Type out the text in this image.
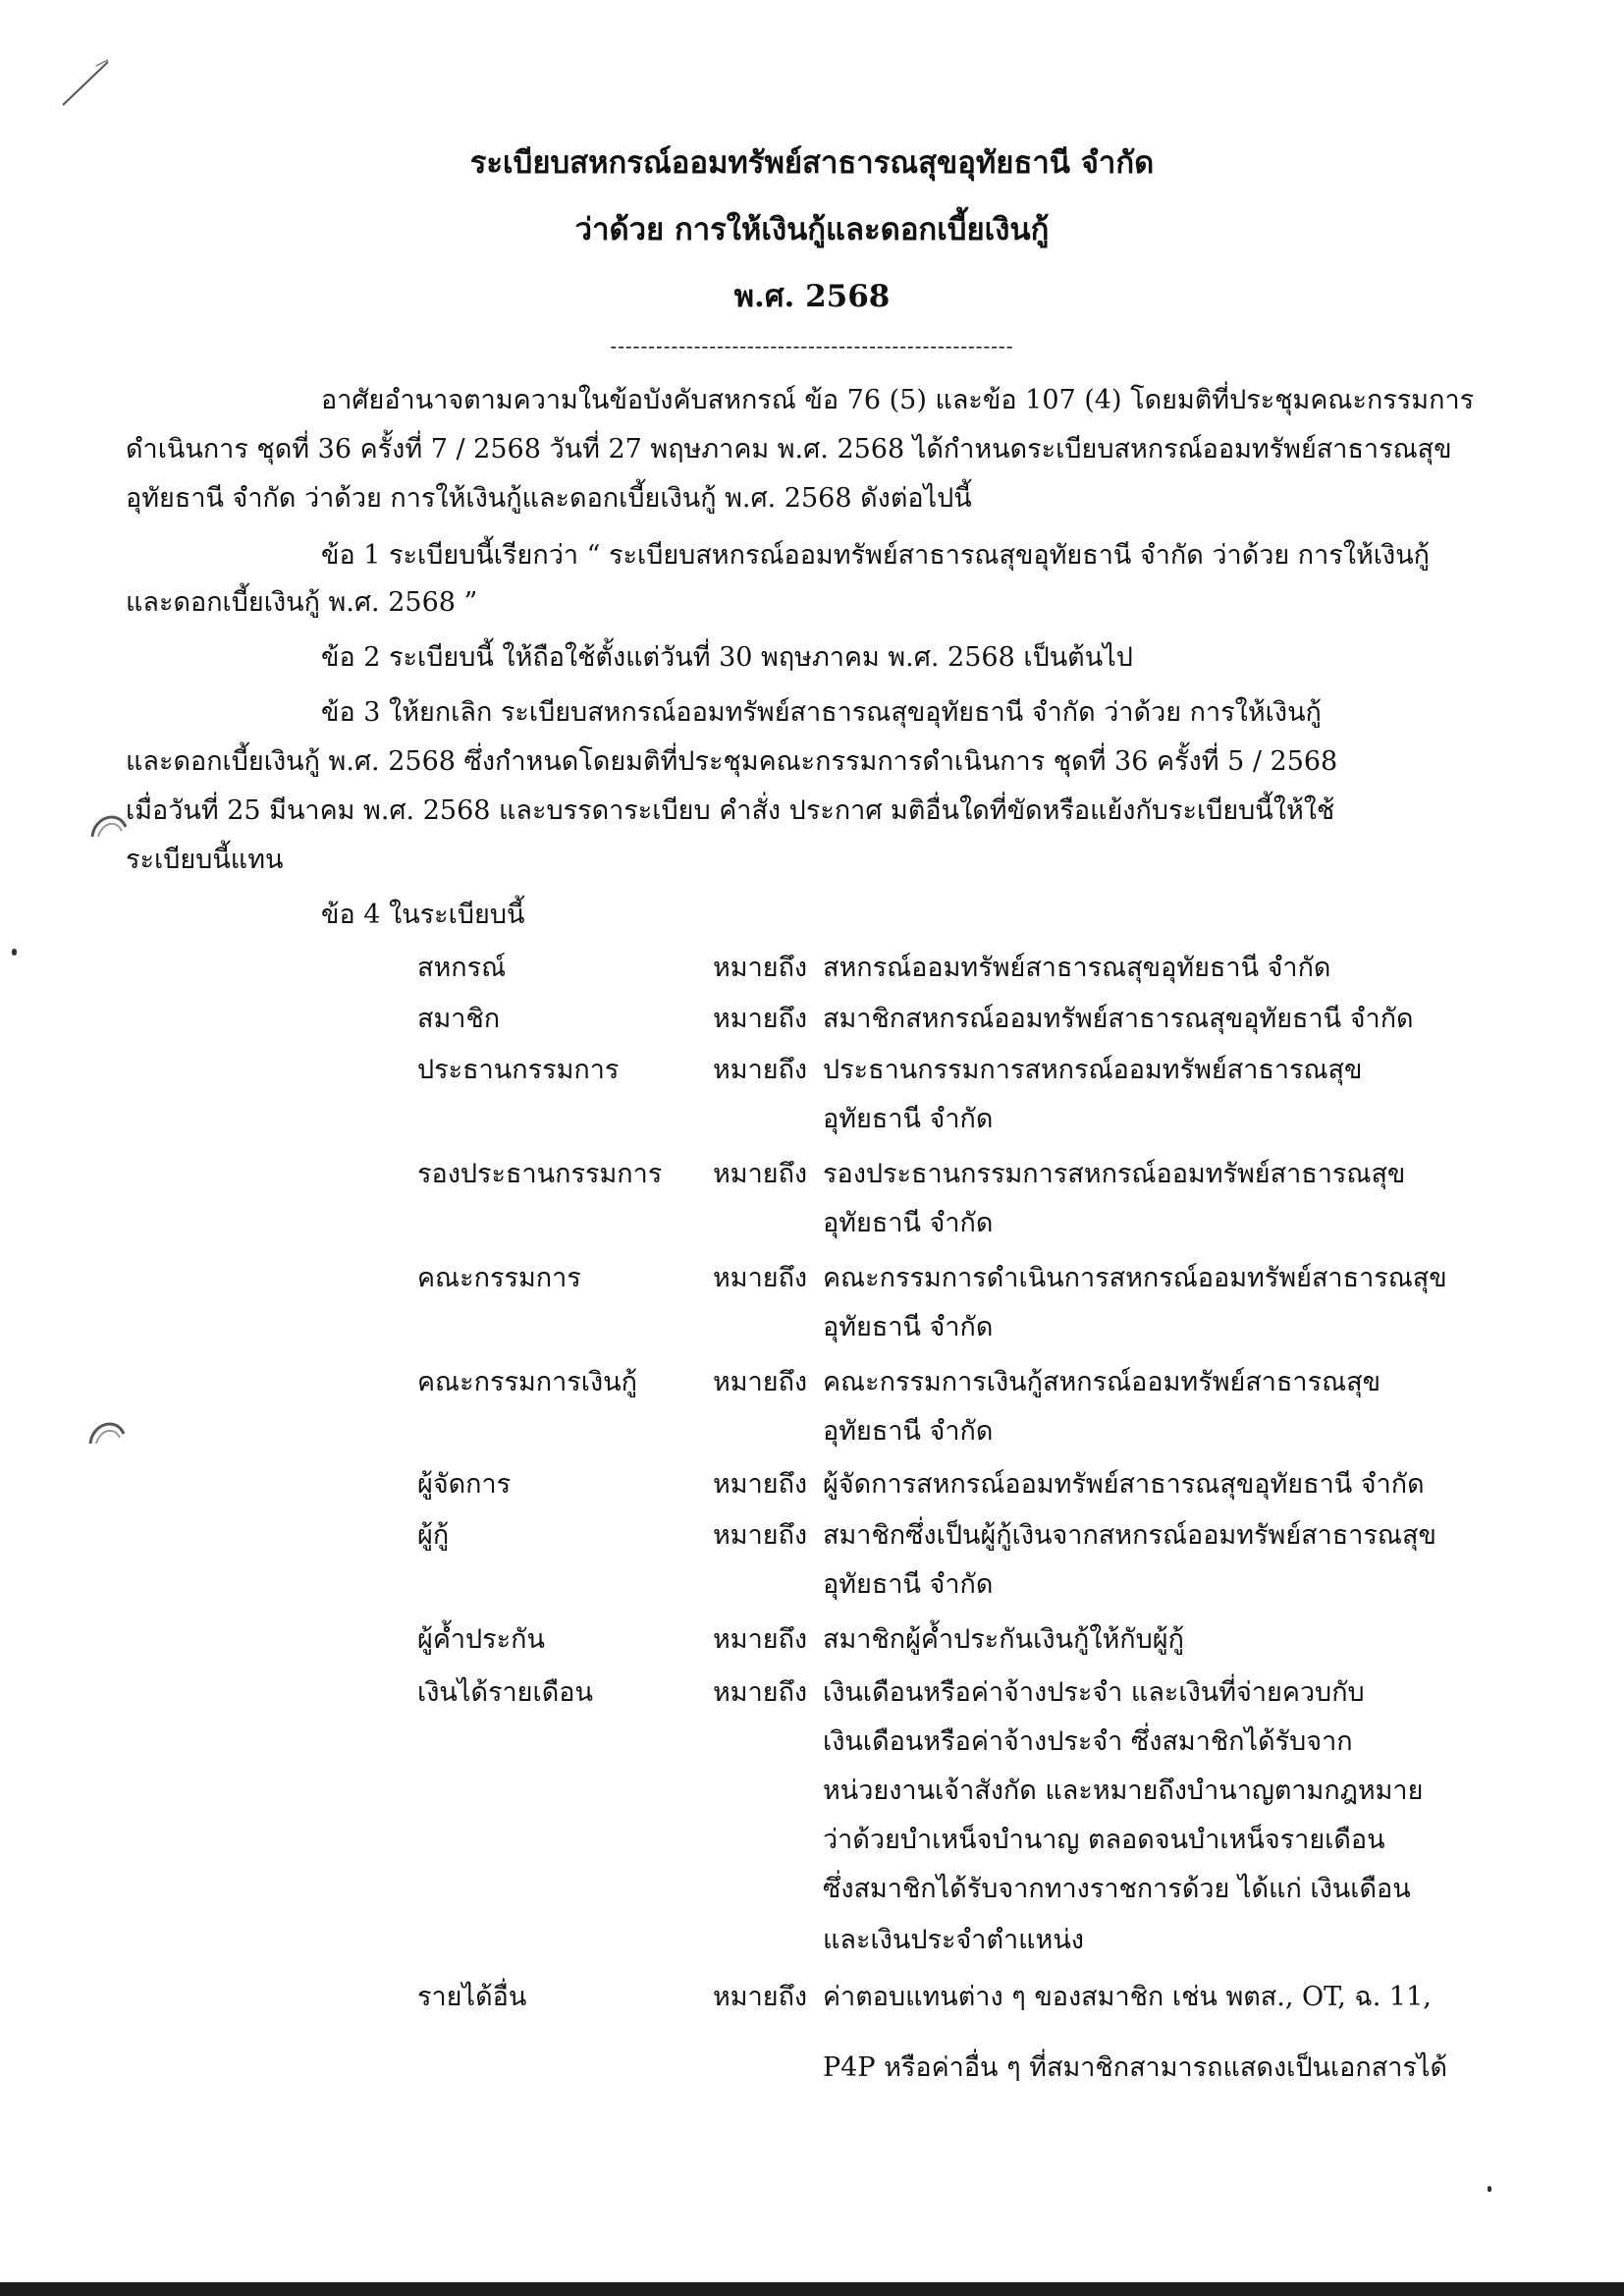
ระเบียบสหกรณ์ออมทรัพย์สาธารณสุขอุทัยธานี จำกัด
ว่าด้วย การให้เงินกู้และดอกเบี้ยเงินกู้
พ.ศ. 2568
-----------------------------------------------------
อาศัยอำนาจตามความในข้อบังคับสหกรณ์ ข้อ 76 (5) และข้อ 107 (4) โดยมติที่ประชุมคณะกรรมการ
ดำเนินการ ชุดที่ 36 ครั้งที่ 7 / 2568 วันที่ 27 พฤษภาคม พ.ศ. 2568 ได้กำหนดระเบียบสหกรณ์ออมทรัพย์สาธารณสุข
อุทัยธานี จำกัด ว่าด้วย การให้เงินกู้และดอกเบี้ยเงินกู้ พ.ศ. 2568 ดังต่อไปนี้
ข้อ 1 ระเบียบนี้เรียกว่า “ ระเบียบสหกรณ์ออมทรัพย์สาธารณสุขอุทัยธานี จำกัด ว่าด้วย การให้เงินกู้
และดอกเบี้ยเงินกู้ พ.ศ. 2568 ”
ข้อ 2 ระเบียบนี้ ให้ถือใช้ตั้งแต่วันที่ 30 พฤษภาคม พ.ศ. 2568 เป็นต้นไป
ข้อ 3 ให้ยกเลิก ระเบียบสหกรณ์ออมทรัพย์สาธารณสุขอุทัยธานี จำกัด ว่าด้วย การให้เงินกู้
และดอกเบี้ยเงินกู้ พ.ศ. 2568 ซึ่งกำหนดโดยมติที่ประชุมคณะกรรมการดำเนินการ ชุดที่ 36 ครั้งที่ 5 / 2568
เมื่อวันที่ 25 มีนาคม พ.ศ. 2568 และบรรดาระเบียบ คำสั่ง ประกาศ มติอื่นใดที่ขัดหรือแย้งกับระเบียบนี้ให้ใช้
ระเบียบนี้แทน
ข้อ 4 ในระเบียบนี้
สหกรณ์	หมายถึง สหกรณ์ออมทรัพย์สาธารณสุขอุทัยธานี จำกัด
สมาชิก	หมายถึง สมาชิกสหกรณ์ออมทรัพย์สาธารณสุขอุทัยธานี จำกัด
ประธานกรรมการ	หมายถึง ประธานกรรมการสหกรณ์ออมทรัพย์สาธารณสุข
อุทัยธานี จำกัด
รองประธานกรรมการ หมายถึง รองประธานกรรมการสหกรณ์ออมทรัพย์สาธารณสุข
อุทัยธานี จำกัด
คณะกรรมการ	หมายถึง คณะกรรมการดำเนินการสหกรณ์ออมทรัพย์สาธารณสุข
อุทัยธานี จำกัด
คณะกรรมการเงินกู้	หมายถึง คณะกรรมการเงินกู้สหกรณ์ออมทรัพย์สาธารณสุข
อุทัยธานี จำกัด
ผู้จัดการ	หมายถึง ผู้จัดการสหกรณ์ออมทรัพย์สาธารณสุขอุทัยธานี จำกัด
ผู้กู้	หมายถึง สมาชิกซึ่งเป็นผู้กู้เงินจากสหกรณ์ออมทรัพย์สาธารณสุข
อุทัยธานี จำกัด
ผู้ค้ำประกัน	หมายถึง สมาชิกผู้ค้ำประกันเงินกู้ให้กับผู้กู้
เงินได้รายเดือน	หมายถึง เงินเดือนหรือค่าจ้างประจำ และเงินที่จ่ายควบกับ
เงินเดือนหรือค่าจ้างประจำ ซึ่งสมาชิกได้รับจาก
หน่วยงานเจ้าสังกัด และหมายถึงบำนาญตามกฎหมาย
ว่าด้วยบำเหน็จบำนาญ ตลอดจนบำเหน็จรายเดือน
ซึ่งสมาชิกได้รับจากทางราชการด้วย ได้แก่ เงินเดือน
และเงินประจำตำแหน่ง
รายได้อื่น	หมายถึง ค่าตอบแทนต่าง ๆ ของสมาชิก เช่น พตส., OT, ฉ. 11,
P4P หรือค่าอื่น ๆ ที่สมาชิกสามารถแสดงเป็นเอกสารได้
